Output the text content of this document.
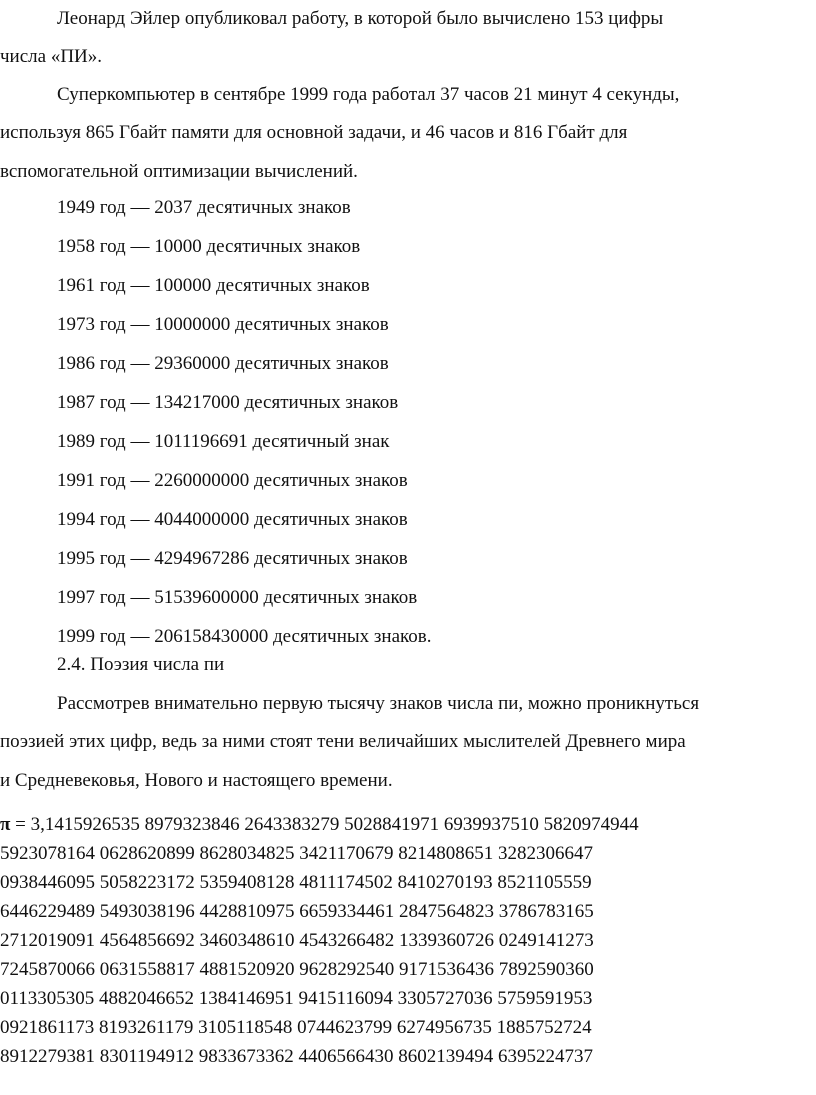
Леонард Эйлер опубликовал работу, в которой было вычислено 153 цифры
числа «ПИ».

Суперкомпьютер в сентябре 1999 года работал 37 часов 21 минут 4 секунды,
используя 865 Гбайт памяти для основной задачи, и 46 часов и 816 Гбайт для
вспомогательной оптимизации вычислений.

1949 год — 2037 десятичных знаков
1958 год — 10000 десятичных знаков
1961 год — 100000 десятичных знаков
1973 год — 10000000 десятичных знаков
1986 год — 29360000 десятичных знаков
1987 год — 134217000 десятичных знаков
1989 год — 1011196691 десятичный знак
1991 год — 2260000000 десятичных знаков
1994 год — 4044000000 десятичных знаков
1995 год — 4294967286 десятичных знаков
1997 год — 51539600000 десятичных знаков
1999 год — 206158430000 десятичных знаков.
2.4. Поэзия числа пи

Рассмотрев внимательно первую тысячу знаков числа пи, можно проникнуться
поэзией этих цифр, ведь за ними стоят тени величайших мыслителей Древнего мира
и Средневековья, Нового и настоящего времени.

π = 3,1415926535 8979323846 2643383279 5028841971 6939937510 5820974944
5923078164 0628620899 8628034825 3421170679 8214808651 3282306647
0938446095 5058223172 5359408128 4811174502 8410270193 8521105559
6446229489 5493038196 4428810975 6659334461 2847564823 3786783165
2712019091 4564856692 3460348610 4543266482 1339360726 0249141273
7245870066 0631558817 4881520920 9628292540 9171536436 7892590360
0113305305 4882046652 1384146951 9415116094 3305727036 5759591953
0921861173 8193261179 3105118548 0744623799 6274956735 1885752724
8912279381 8301194912 9833673362 4406566430 8602139494 6395224737
